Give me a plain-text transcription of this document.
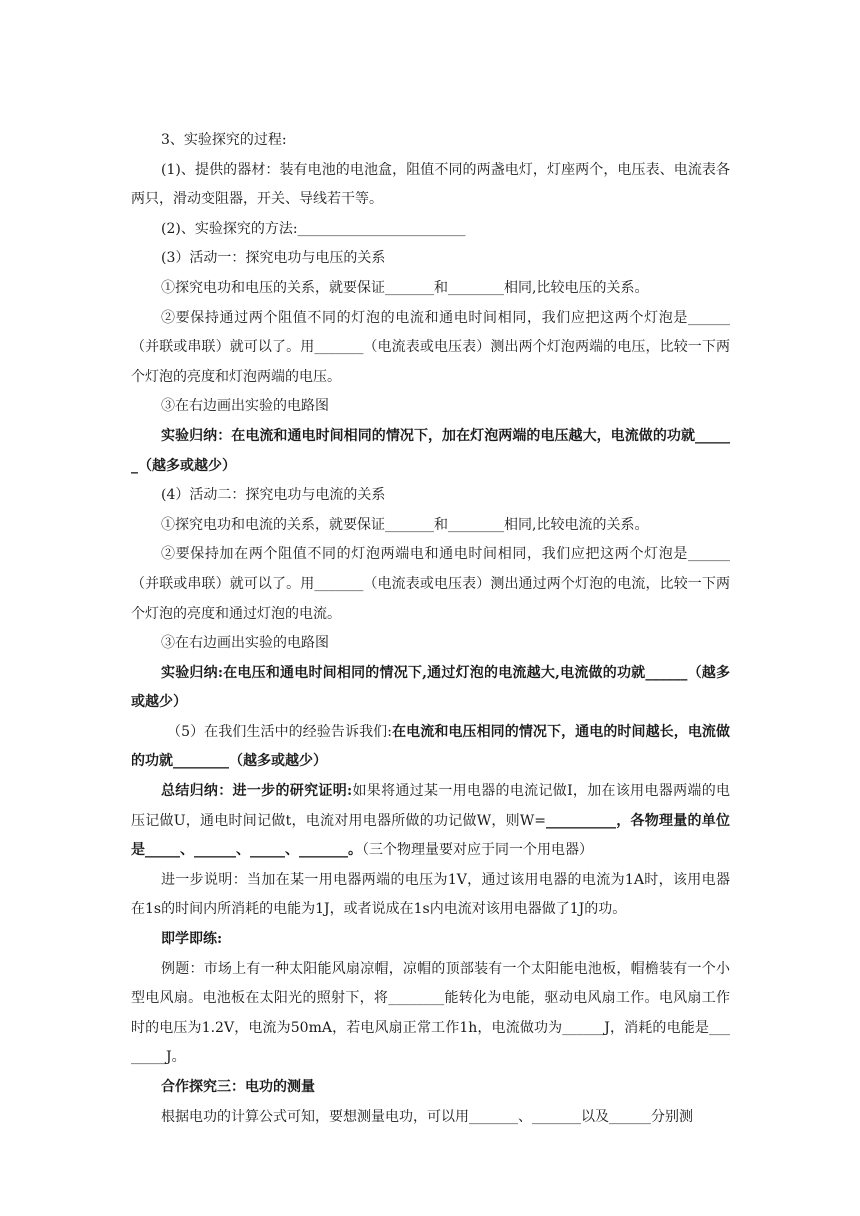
3、实验探究的过程:

(1)、提供的器材：装有电池的电池盒，阻值不同的两盏电灯，灯座两个，电压表、电流表各两只，滑动变阻器，开关、导线若干等。

(2)、实验探究的方法:________________________

(3）活动一：探究电功与电压的关系

①探究电功和电压的关系，就要保证_______和________相同,比较电压的关系。

②要保持通过两个阻值不同的灯泡的电流和通电时间相同，我们应把这两个灯泡是______（并联或串联）就可以了。用_______（电流表或电压表）测出两个灯泡两端的电压，比较一下两个灯泡的亮度和灯泡两端的电压。

③在右边画出实验的电路图

实验归纳：在电流和通电时间相同的情况下，加在灯泡两端的电压越大，电流做的功就______（越多或越少）

(4）活动二：探究电功与电流的关系

①探究电功和电流的关系，就要保证_______和________相同,比较电流的关系。

②要保持加在两个阻值不同的灯泡两端电和通电时间相同，我们应把这两个灯泡是______（并联或串联）就可以了。用_______（电流表或电压表）测出通过两个灯泡的电流，比较一下两个灯泡的亮度和通过灯泡的电流。

③在右边画出实验的电路图

实验归纳:在电压和通电时间相同的情况下,通过灯泡的电流越大,电流做的功就______（越多或越少）

（5）在我们生活中的经验告诉我们:在电流和电压相同的情况下，通电的时间越长，电流做的功就________（越多或越少）

总结归纳：进一步的研究证明:如果将通过某一用电器的电流记做I，加在该用电器两端的电压记做U，通电时间记做t，电流对用电器所做的功记做W，则W=__________，各物理量的单位是_____、______、_____、_______。（三个物理量要对应于同一个用电器）

进一步说明：当加在某一用电器两端的电压为1V，通过该用电器的电流为1A时，该用电器在1s的时间内所消耗的电能为1J，或者说成在1s内电流对该用电器做了1J的功。

即学即练:

例题：市场上有一种太阳能风扇凉帽，凉帽的顶部装有一个太阳能电池板，帽檐装有一个小型电风扇。电池板在太阳光的照射下，将________能转化为电能，驱动电风扇工作。电风扇工作时的电压为1.2V，电流为50mA，若电风扇正常工作1h，电流做功为______J，消耗的电能是________J。

合作探究三：电功的测量

根据电功的计算公式可知，要想测量电功，可以用_______、_______以及______分别测
